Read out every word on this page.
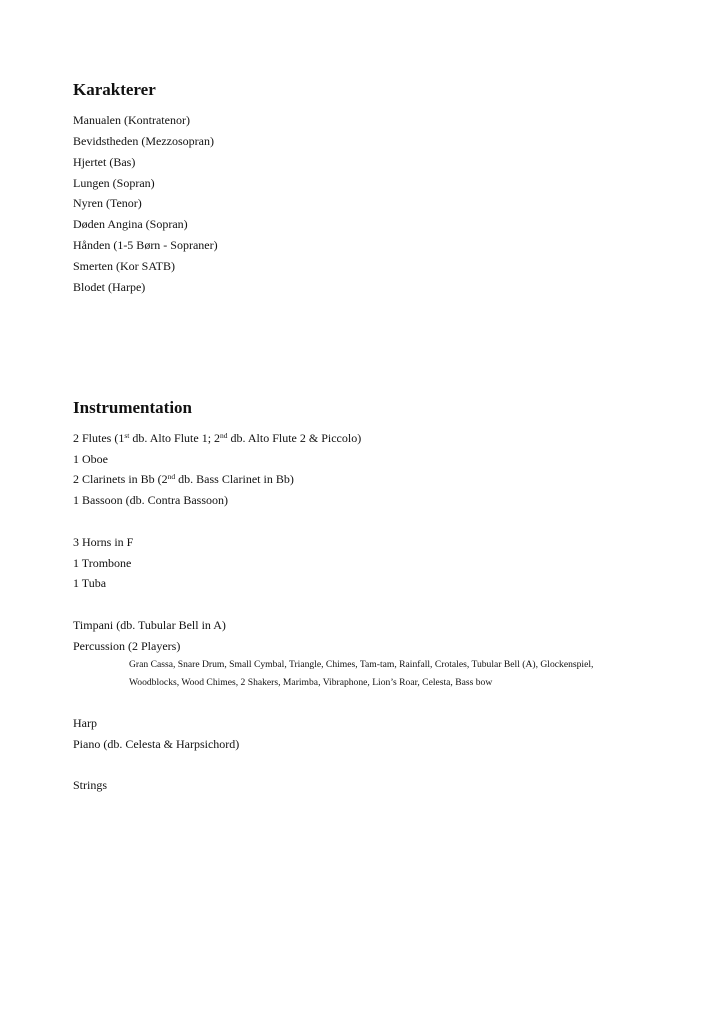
Karakterer

Manualen (Kontratenor)

Bevidstheden (Mezzosopran)

Hjertet (Bas)

Lungen (Sopran)

Nyren (Tenor)

Døden Angina (Sopran)

Hånden (1-5 Børn - Sopraner)

Smerten (Kor SATB)

Blodet (Harpe)

Instrumentation

2 Flutes (1st db. Alto Flute 1; 2nd db. Alto Flute 2 & Piccolo)

1 Oboe

2 Clarinets in Bb (2nd db. Bass Clarinet in Bb)

1 Bassoon (db. Contra Bassoon)

3 Horns in F

1 Trombone

1 Tuba

Timpani (db. Tubular Bell in A)

Percussion (2 Players)

Gran Cassa, Snare Drum, Small Cymbal, Triangle, Chimes, Tam-tam, Rainfall, Crotales, Tubular Bell (A), Glockenspiel,

Woodblocks, Wood Chimes, 2 Shakers, Marimba, Vibraphone, Lion’s Roar, Celesta, Bass bow

Harp

Piano (db. Celesta & Harpsichord)

Strings
